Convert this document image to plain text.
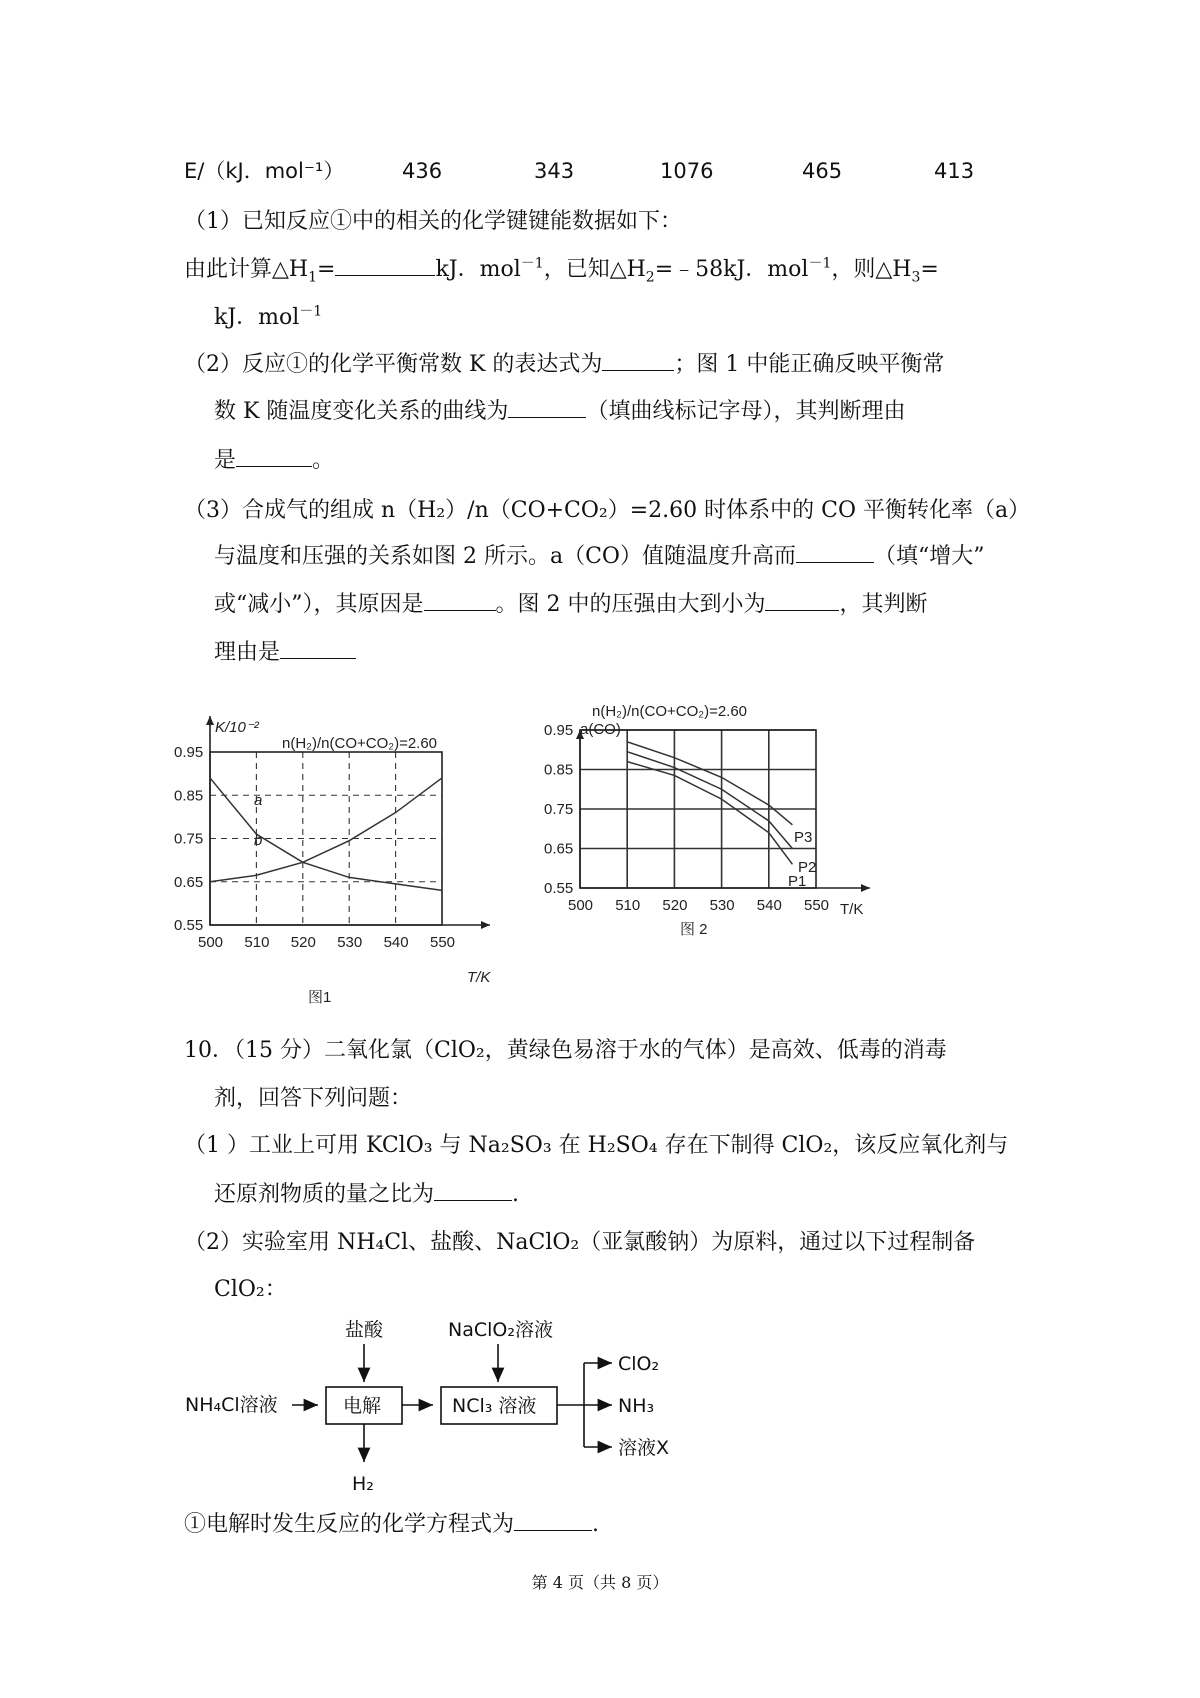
E/（kJ．mol⁻¹）	436	343	1076	465	413
（1）已知反应①中的相关的化学键键能数据如下：
由此计算$\triangle H_1=$	kJ．mol$^{-1}$，已知$\triangle H_2=﹣58kJ$．mol$^{-1}$，则$\triangle H_3=$
kJ．mol$^{-1}$
（2）反应①的化学平衡常数 K 的表达式为	；图 1 中能正确反映平衡常
数 K 随温度变化关系的曲线为	（填曲线标记字母），其判断理由
是	。
（3）合成气的组成 n（H₂）/n（CO+CO₂）=2.60 时体系中的 CO 平衡转化率（a）
与温度和压强的关系如图 2 所示。a（CO）值随温度升高而	（填“增大”
或“减小”），其原因是	。图 2 中的压强由大到小为	，其判断
理由是
0.95
0.85
0.75
0.65
0.55
500 510 520 530 540 550
K/10⁻²
n(H₂)/n(CO+CO₂)=2.60
T/K
a
b
图1
0.95
0.85
0.75
0.65
0.55
500 510 520 530 540 550
n(H₂)/n(CO+CO₂)=2.60
a(CO)
T/K
P3
P2
P1
图 2
10．（15 分）二氧化氯（ClO₂，黄绿色易溶于水的气体）是高效、低毒的消毒
剂，回答下列问题：
（1 ）工业上可用 KClO₃ 与 Na₂SO₃ 在 H₂SO₄ 存在下制得 ClO₂，该反应氧化剂与
还原剂物质的量之比为	.
（2）实验室用 NH₄Cl、盐酸、NaClO₂（亚氯酸钠）为原料，通过以下过程制备
ClO₂：
NH₄Cl溶液	电解
盐酸
H₂
NCl₃ 溶液
NaClO₂溶液
ClO₂
NH₃
溶液X
①电解时发生反应的化学方程式为	.
第 4 页（共 8 页）
